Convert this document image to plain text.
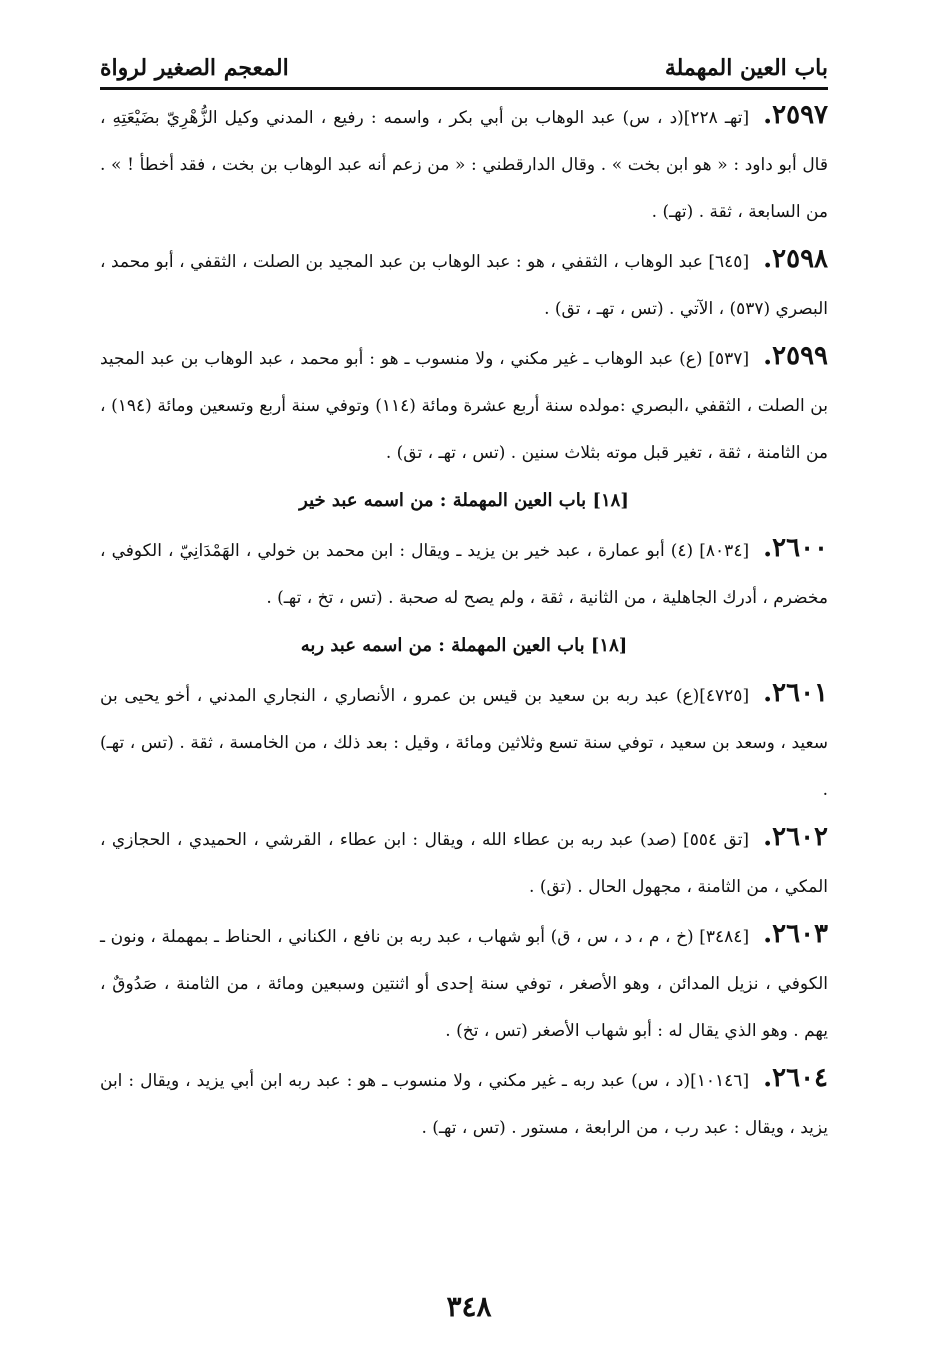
باب العين المهملة
المعجم الصغير لرواة

٢٥٩٧.[تهـ ٢٢٨](د ، س) عبد الوهاب بن أبي بكر ، واسمه : رفيع ، المدني وكيل الزُّهْرِيّ بضَيْعَتِهِ ، قال أبو داود : « هو ابن بخت » . وقال الدارقطني : « من زعم أنه عبد الوهاب بن بخت ، فقد أخطأ ! » . من السابعة ، ثقة . (تهـ) .

٢٥٩٨.[٦٤٥] عبد الوهاب ، الثقفي ، هو : عبد الوهاب بن عبد المجيد بن الصلت ، الثقفي ، أبو محمد ، البصري (٥٣٧) ، الآتي . (تس ، تهـ ، تق) .

٢٥٩٩.[٥٣٧] (ع) عبد الوهاب ـ غير مكني ، ولا منسوب ـ هو : أبو محمد ، عبد الوهاب بن عبد المجيد بن الصلت ، الثقفي ،البصري :مولده سنة أربع عشرة ومائة (١١٤) وتوفي سنة أربع وتسعين ومائة (١٩٤) ، من الثامنة ، ثقة ، تغير قبل موته بثلاث سنين . (تس ، تهـ ، تق) .

[١٨] باب العين المهملة : من اسمه عبد خير

٢٦٠٠.[٨٠٣٤] (٤) أبو عمارة ، عبد خير بن يزيد ـ ويقال : ابن محمد بن خولي ، الهَمْدَانِيّ ، الكوفي ، مخضرم ، أدرك الجاهلية ، من الثانية ، ثقة ، ولم يصح له صحبة . (تس ، تخ ، تهـ) .

[١٨] باب العين المهملة : من اسمه عبد ربه

٢٦٠١.[٤٧٢٥](ع) عبد ربه بن سعيد بن قيس بن عمرو ، الأنصاري ، النجاري المدني ، أخو يحيى بن سعيد ، وسعد بن سعيد ، توفي سنة تسع وثلاثين ومائة ، وقيل : بعد ذلك ، من الخامسة ، ثقة . (تس ، تهـ) .

٢٦٠٢.[تق ٥٥٤] (صد) عبد ربه بن عطاء الله ، ويقال : ابن عطاء ، القرشي ، الحميدي ، الحجازي ، المكي ، من الثامنة ، مجهول الحال . (تق) .

٢٦٠٣.[٣٤٨٤] (خ ، م ، د ، س ، ق) أبو شهاب ، عبد ربه بن نافع ، الكناني ، الحناط ـ بمهملة ، ونون ـ الكوفي ، نزيل المدائن ، وهو الأصغر ، توفي سنة إحدى أو اثنتين وسبعين ومائة ، من الثامنة ، صَدُوقٌ ، يهم . وهو الذي يقال له : أبو شهاب الأصغر (تس ، تخ) .

٢٦٠٤.[١٠١٤٦](د ، س) عبد ربه ـ غير مكني ، ولا منسوب ـ هو : عبد ربه ابن أبي يزيد ، ويقال : ابن يزيد ، ويقال : عبد رب ، من الرابعة ، مستور . (تس ، تهـ) .

٣٤٨
